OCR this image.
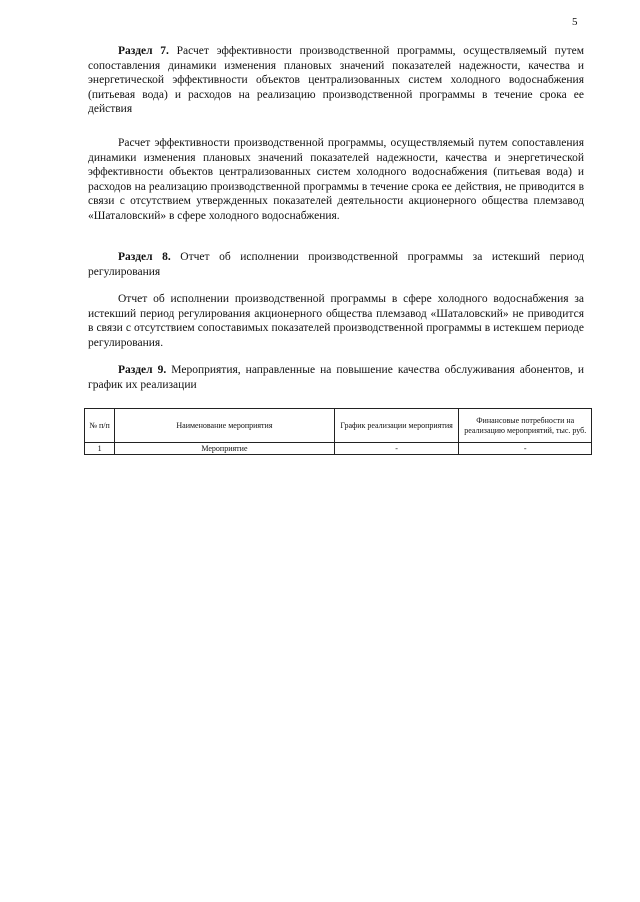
5
Раздел 7. Расчет эффективности производственной программы, осуществляемый путем сопоставления динамики изменения плановых значений показателей надежности, качества и энергетической эффективности объектов централизованных систем холодного водоснабжения (питьевая вода) и расходов на реализацию производственной программы в течение срока ее действия
Расчет эффективности производственной программы, осуществляемый путем сопоставления динамики изменения плановых значений показателей надежности, качества и энергетической эффективности объектов централизованных систем холодного водоснабжения (питьевая вода) и расходов на реализацию производственной программы в течение срока ее действия, не приводится в связи с отсутствием утвержденных показателей деятельности акционерного общества племзавод «Шаталовский» в сфере холодного водоснабжения.
Раздел 8. Отчет об исполнении производственной программы за истекший период регулирования
Отчет об исполнении производственной программы в сфере холодного водоснабжения за истекший период регулирования акционерного общества племзавод «Шаталовский» не приводится в связи с отсутствием сопоставимых показателей производственной программы в истекшем периоде регулирования.
Раздел 9. Мероприятия, направленные на повышение качества обслуживания абонентов, и график их реализации
№ п/п	Наименование мероприятия	График реализации мероприятия	Финансовые потребности на реализацию мероприятий, тыс. руб.
1	Мероприятие	-	-
